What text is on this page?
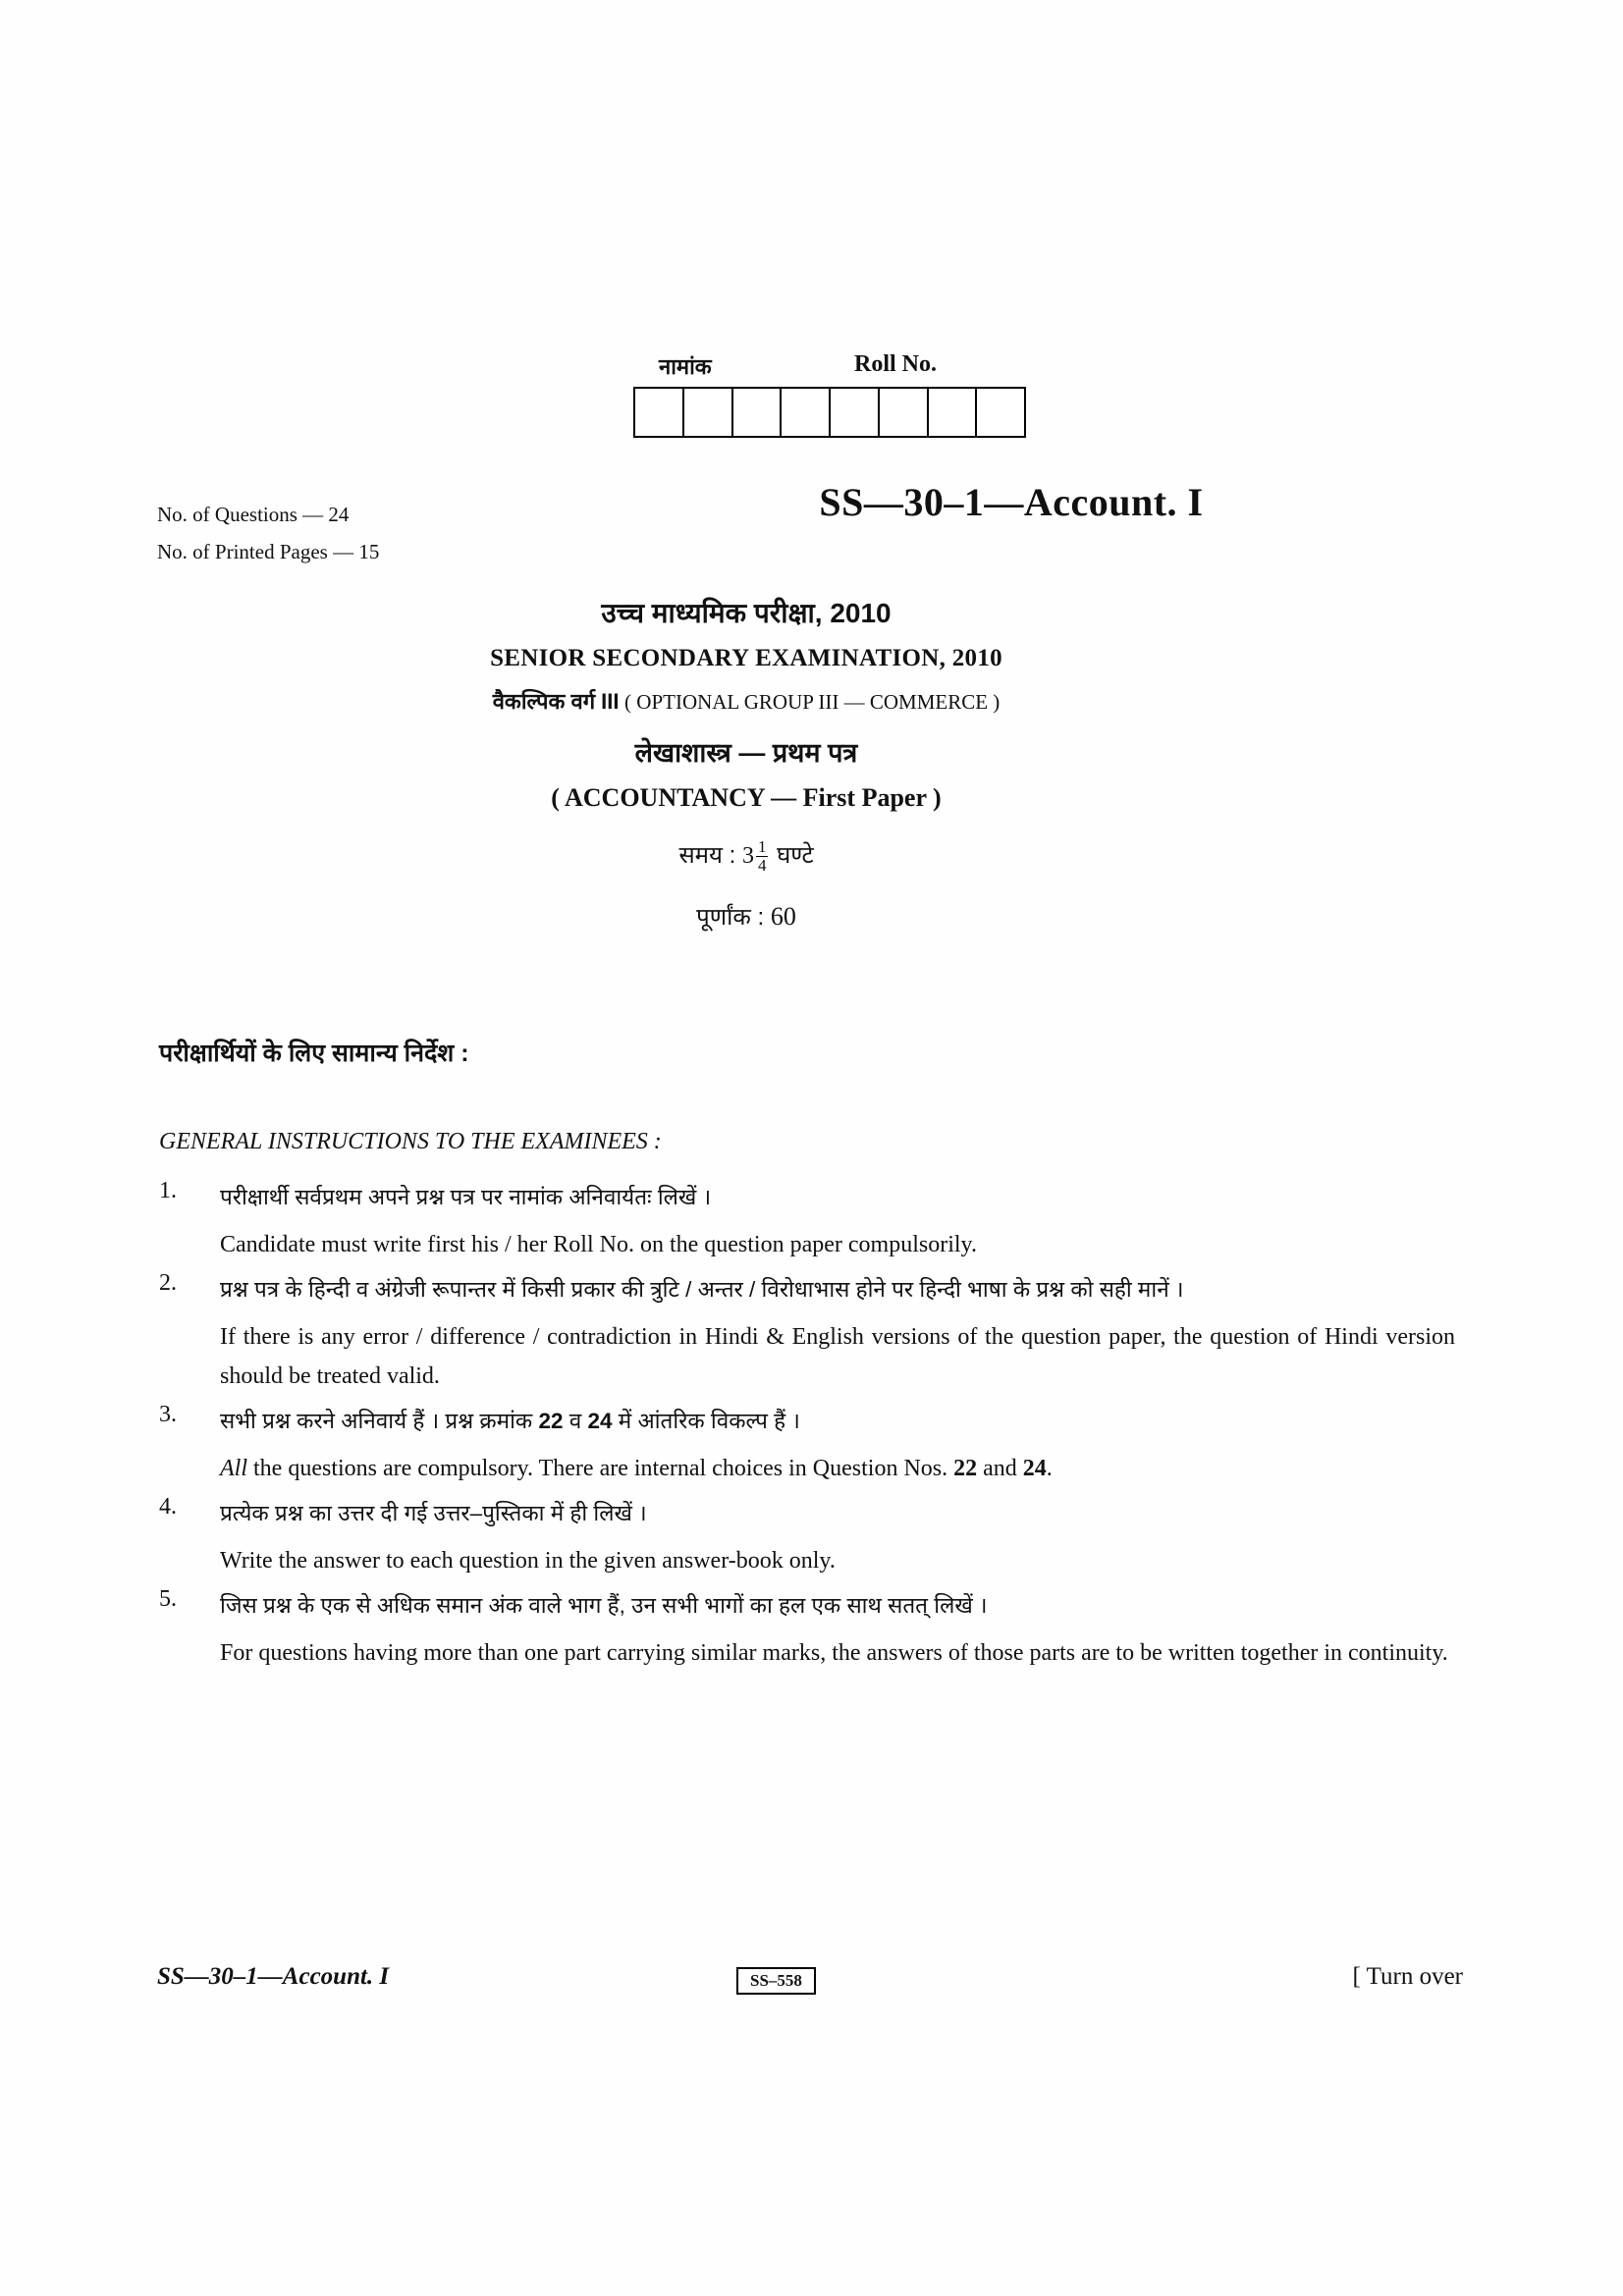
नामांक	Roll No.
No. of Questions — 24
No. of Printed Pages — 15
SS—30–1—Account. I
उच्च माध्यमिक परीक्षा, 2010
SENIOR SECONDARY EXAMINATION, 2010
वैकल्पिक वर्ग III ( OPTIONAL GROUP III — COMMERCE )
लेखाशास्त्र — प्रथम पत्र
( ACCOUNTANCY — First Paper )
समय : $3 \frac{1}{4}$ घण्टे
पूर्णांक : 60
परीक्षार्थियों के लिए सामान्य निर्देश :
GENERAL INSTRUCTIONS TO THE EXAMINEES :
1. परीक्षार्थी सर्वप्रथम अपने प्रश्न पत्र पर नामांक अनिवार्यतः लिखें ।
Candidate must write first his / her Roll No. on the question paper compulsorily.
2. प्रश्न पत्र के हिन्दी व अंग्रेजी रूपान्तर में किसी प्रकार की त्रुटि / अन्तर / विरोधाभास होने पर हिन्दी भाषा के प्रश्न को सही मानें ।
If there is any error / difference / contradiction in Hindi & English versions of the question paper, the question of Hindi version should be treated valid.
3. सभी प्रश्न करने अनिवार्य हैं । प्रश्न क्रमांक 22 व 24 में आंतरिक विकल्प हैं ।
All the questions are compulsory. There are internal choices in Question Nos. 22 and 24.
4. प्रत्येक प्रश्न का उत्तर दी गई उत्तर–पुस्तिका में ही लिखें ।
Write the answer to each question in the given answer-book only.
5. जिस प्रश्न के एक से अधिक समान अंक वाले भाग हैं, उन सभी भागों का हल एक साथ सतत् लिखें ।
For questions having more than one part carrying similar marks, the answers of those parts are to be written together in continuity.
SS—30–1—Account. I	SS–558	[ Turn over
